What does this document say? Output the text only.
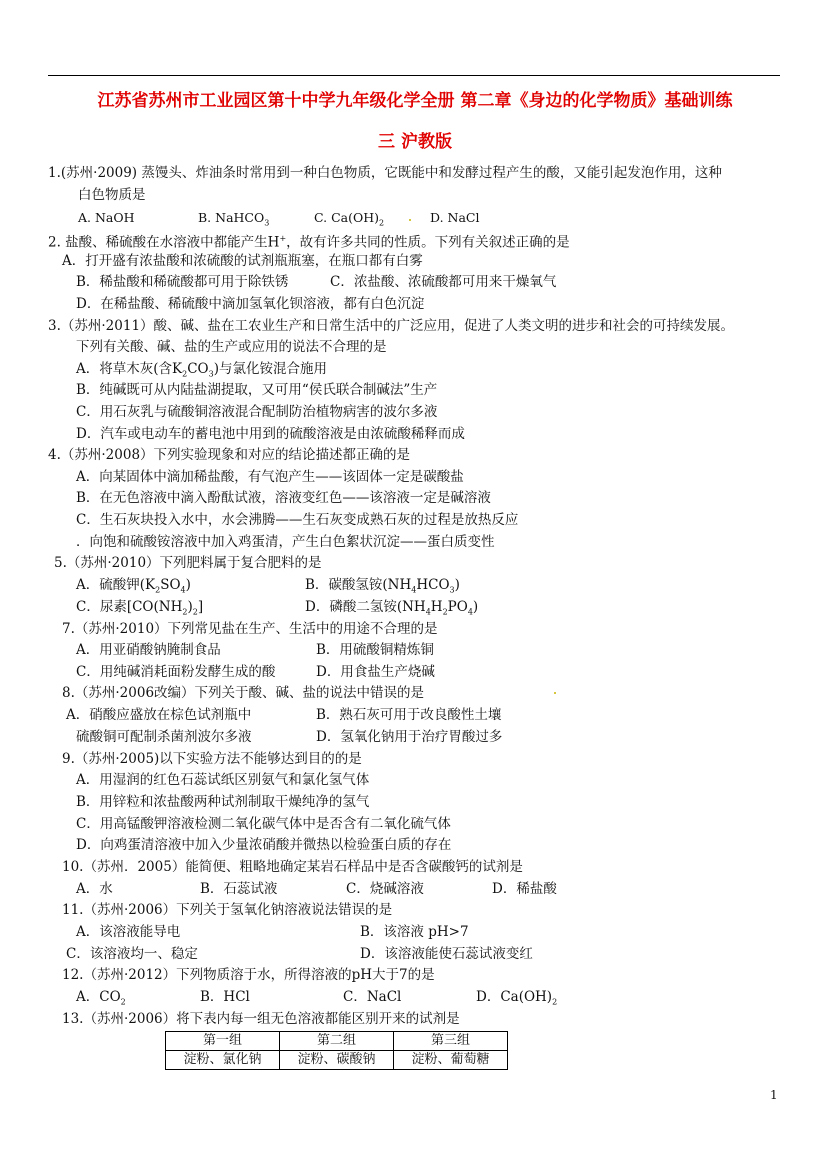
江苏省苏州市工业园区第十中学九年级化学全册 第二章《身边的化学物质》基础训练
三 沪教版
1.(苏州·2009) 蒸馒头、炸油条时常用到一种白色物质，它既能中和发酵过程产生的酸，又能引起发泡作用，这种
白色物质是
A. NaOH	B. NaHCO$_3$	C. $Ca(OH)_2$	D. NaCl
2. 盐酸、稀硫酸在水溶液中都能产生H+，故有许多共同的性质。下列有关叙述正确的是
A．打开盛有浓盐酸和浓硫酸的试剂瓶瓶塞，在瓶口都有白雾
B．稀盐酸和稀硫酸都可用于除铁锈	C．浓盐酸、浓硫酸都可用来干燥氧气
D．在稀盐酸、稀硫酸中滴加氢氧化钡溶液，都有白色沉淀
3.（苏州·2011）酸、碱、盐在工农业生产和日常生活中的广泛应用，促进了人类文明的进步和社会的可持续发展。
下列有关酸、碱、盐的生产或应用的说法不合理的是
A．将草木灰(含$K_2CO_3$)与氯化铵混合施用
B．纯碱既可从内陆盐湖提取，又可用“侯氏联合制碱法”生产
C．用石灰乳与硫酸铜溶液混合配制防治植物病害的波尔多液
D．汽车或电动车的蓄电池中用到的硫酸溶液是由浓硫酸稀释而成
4.（苏州·2008）下列实验现象和对应的结论描述都正确的是
A．向某固体中滴加稀盐酸，有气泡产生——该固体一定是碳酸盐
B．在无色溶液中滴入酚酞试液，溶液变红色——该溶液一定是碱溶液
C．生石灰块投入水中，水会沸腾——生石灰变成熟石灰的过程是放热反应
．向饱和硫酸铵溶液中加入鸡蛋清，产生白色絮状沉淀——蛋白质变性
5.（苏州·2010）下列肥料属于复合肥料的是
A．硫酸钾$(K_2SO_4)$	B．碳酸氢铵$(NH_4HCO_3)$
C．尿素$[CO(NH_2)_2]$	D．磷酸二氢铵$(NH_4H_2PO_4)$
7.（苏州·2010）下列常见盐在生产、生活中的用途不合理的是
A．用亚硝酸钠腌制食品	B．用硫酸铜精炼铜
C．用纯碱消耗面粉发酵生成的酸	D．用食盐生产烧碱
8.（苏州·2006改编）下列关于酸、碱、盐的说法中错误的是
A．硝酸应盛放在棕色试剂瓶中	B．熟石灰可用于改良酸性土壤
硫酸铜可配制杀菌剂波尔多液	D．氢氧化钠用于治疗胃酸过多
9.（苏州·2005)以下实验方法不能够达到目的的是
A．用湿润的红色石蕊试纸区别氨气和氯化氢气体
B．用锌粒和浓盐酸两种试剂制取干燥纯净的氢气
C．用高锰酸钾溶液检测二氧化碳气体中是否含有二氧化硫气体
D．向鸡蛋清溶液中加入少量浓硝酸并微热以检验蛋白质的存在
10.（苏州．2005）能简便、粗略地确定某岩石样品中是否含碳酸钙的试剂是
A．水	B．石蕊试液	C．烧碱溶液	D．稀盐酸
11.（苏州·2006）下列关于氢氧化钠溶液说法错误的是
A．该溶液能导电	B．该溶液 pH>7
C．该溶液均一、稳定	D．该溶液能使石蕊试液变红
12.（苏州·2012）下列物质溶于水，所得溶液的pH大于7的是
A．$CO_2$	B．HCl	C．NaCl	D．$Ca(OH)_2$
13.（苏州·2006）将下表内每一组无色溶液都能区别开来的试剂是
第一组	第二组	第三组
淀粉、氯化钠	淀粉、碳酸钠	淀粉、葡萄糖
1
